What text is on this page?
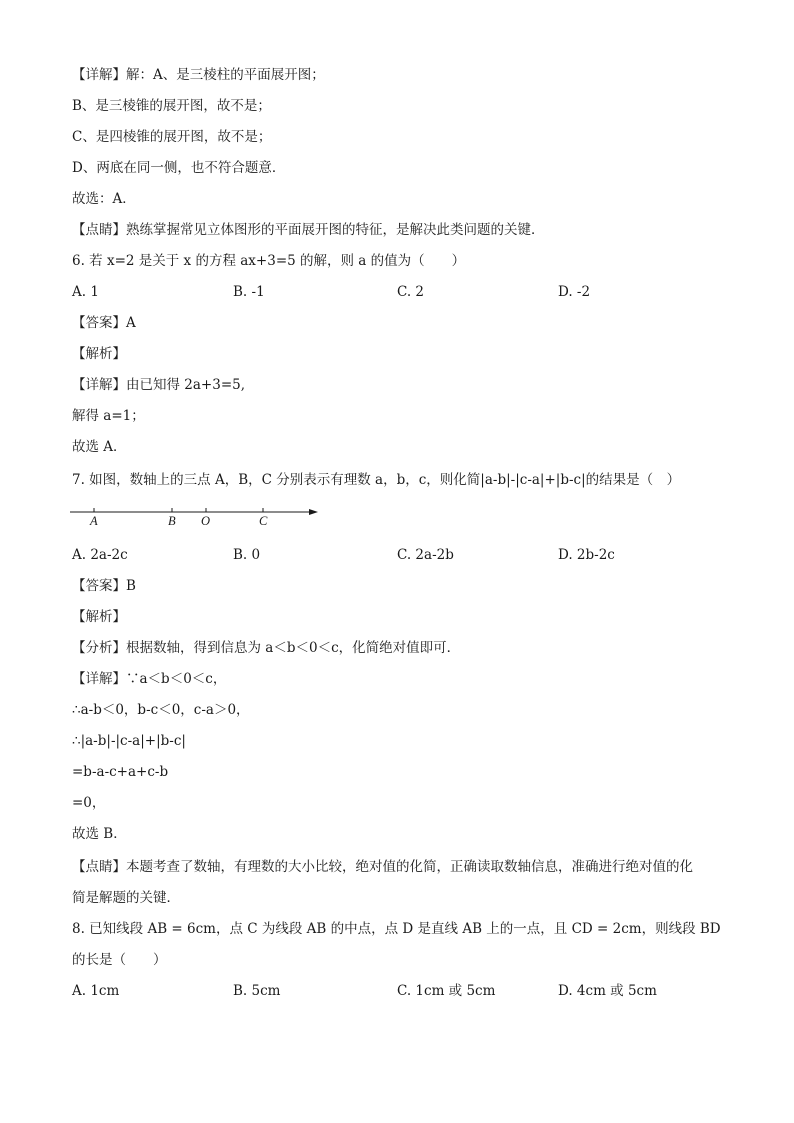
【详解】解：A、是三棱柱的平面展开图；
B、是三棱锥的展开图，故不是；
C、是四棱锥的展开图，故不是；
D、两底在同一侧，也不符合题意．
故选：A．
【点睛】熟练掌握常见立体图形的平面展开图的特征，是解决此类问题的关键．
6. 若 x=2 是关于 x 的方程 ax+3=5 的解，则 a 的值为（　　）
A. 1	B. -1	C. 2	D. -2
【答案】A
【解析】
【详解】由已知得 2a+3=5,
解得 a=1；
故选 A．
7. 如图，数轴上的三点 A，B，C 分别表示有理数 a，b，c，则化简|a-b|-|c-a|+|b-c|的结果是（　）
A	B O	C
A. 2a-2c	B. 0	C. 2a-2b	D. 2b-2c
【答案】B
【解析】
【分析】根据数轴，得到信息为 a＜b＜0＜c，化简绝对值即可．
【详解】∵a＜b＜0＜c，
∴a-b＜0，b-c＜0，c-a＞0，
∴|a-b|-|c-a|+|b-c|
=b-a-c+a+c-b
=0，
故选 B．
【点睛】本题考查了数轴，有理数的大小比较，绝对值的化简，正确读取数轴信息，准确进行绝对值的化
简是解题的关键．
8. 已知线段 AB = 6cm，点 C 为线段 AB 的中点，点 D 是直线 AB 上的一点，且 CD = 2cm，则线段 BD
的长是（　　）
A. 1cm	B. 5cm	C. 1cm 或 5cm	D. 4cm 或 5cm
